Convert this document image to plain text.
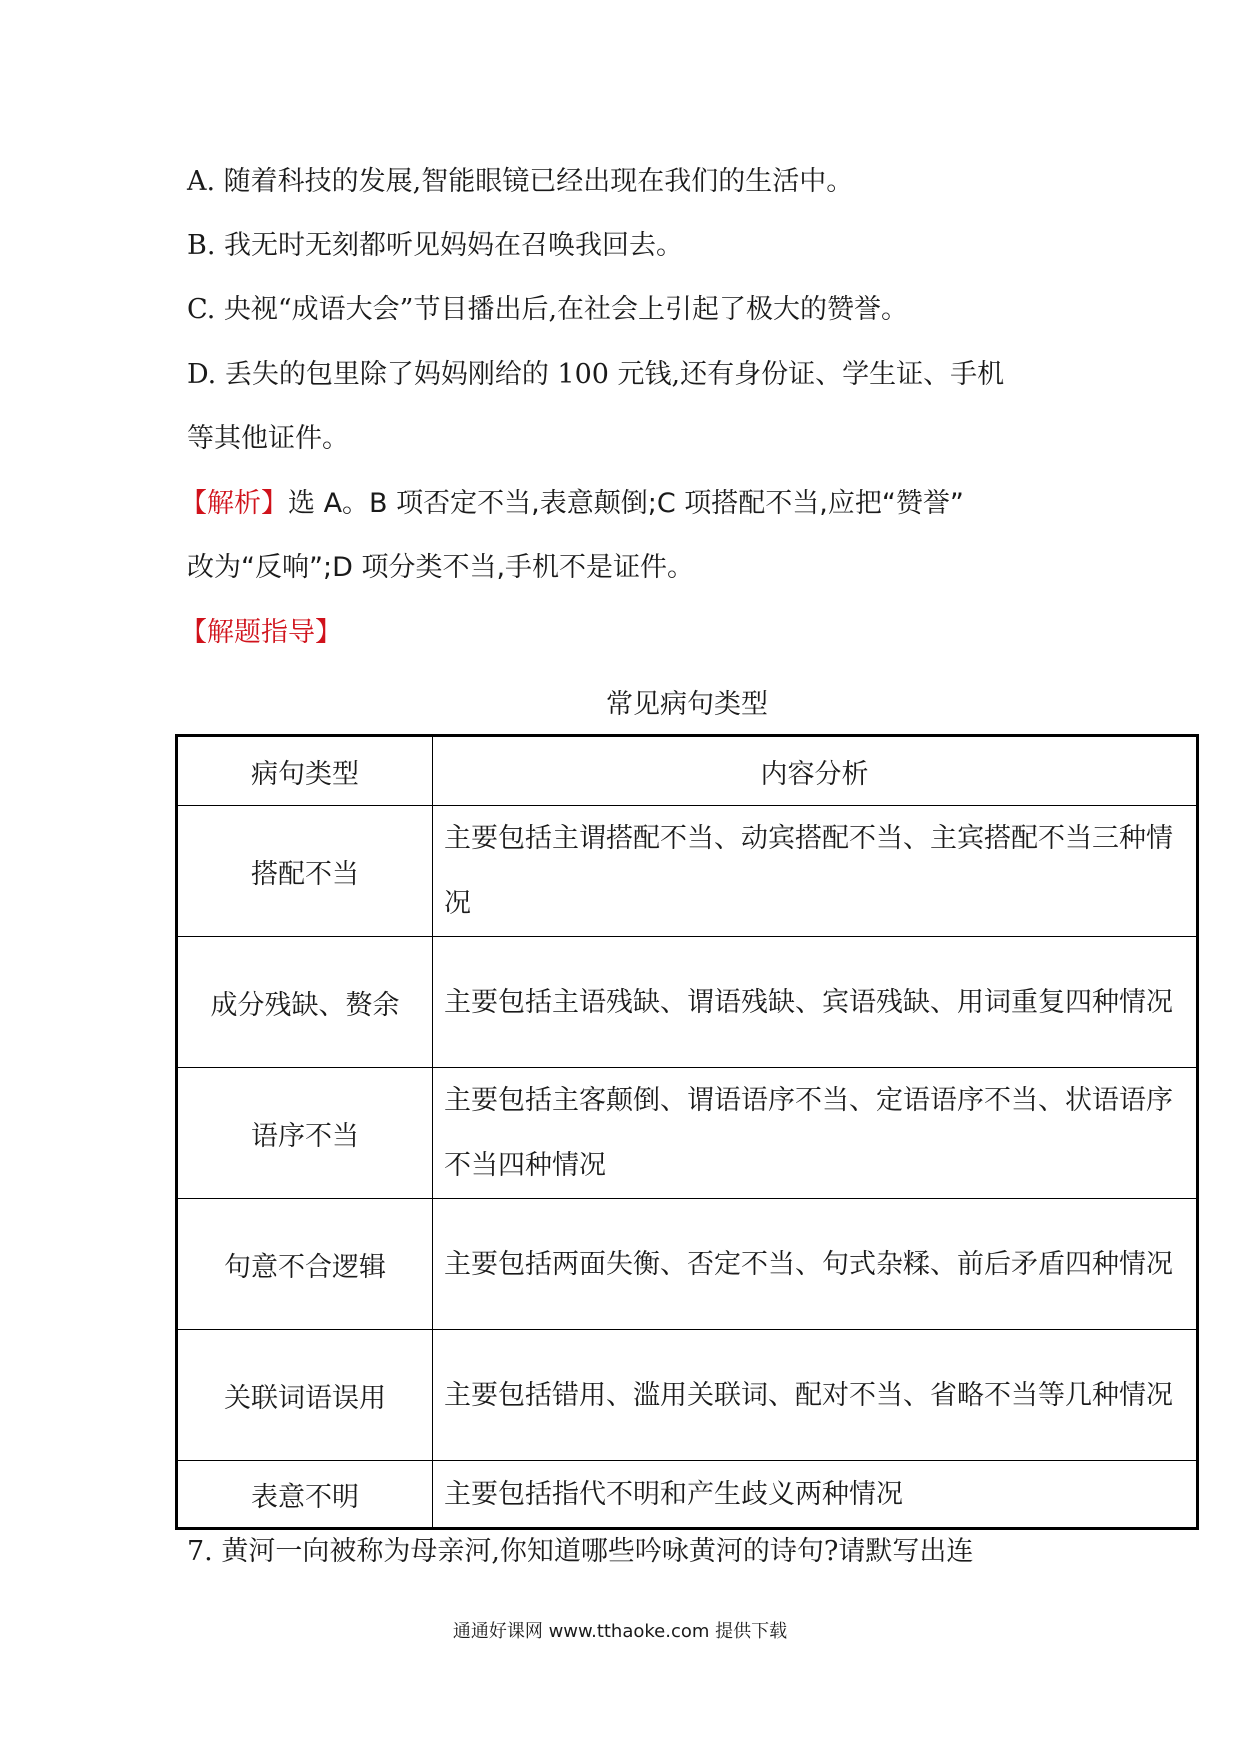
A. 随着科技的发展,智能眼镜已经出现在我们的生活中。
B. 我无时无刻都听见妈妈在召唤我回去。
C. 央视“成语大会”节目播出后,在社会上引起了极大的赞誉。
D. 丢失的包里除了妈妈刚给的 100 元钱,还有身份证、学生证、手机
等其他证件。
【解析】选 A。B 项否定不当,表意颠倒;C 项搭配不当,应把“赞誉”
改为“反响”;D 项分类不当,手机不是证件。
【解题指导】
常见病句类型
病句类型	内容分析
搭配不当	主要包括主谓搭配不当、动宾搭配不当、主宾搭配不当三种情况
成分残缺、赘余	主要包括主语残缺、谓语残缺、宾语残缺、用词重复四种情况
语序不当	主要包括主客颠倒、谓语语序不当、定语语序不当、状语语序不当四种情况
句意不合逻辑	主要包括两面失衡、否定不当、句式杂糅、前后矛盾四种情况
关联词语误用	主要包括错用、滥用关联词、配对不当、省略不当等几种情况
表意不明	主要包括指代不明和产生歧义两种情况
7. 黄河一向被称为母亲河,你知道哪些吟咏黄河的诗句?请默写出连
通通好课网 www.tthaoke.com 提供下载
